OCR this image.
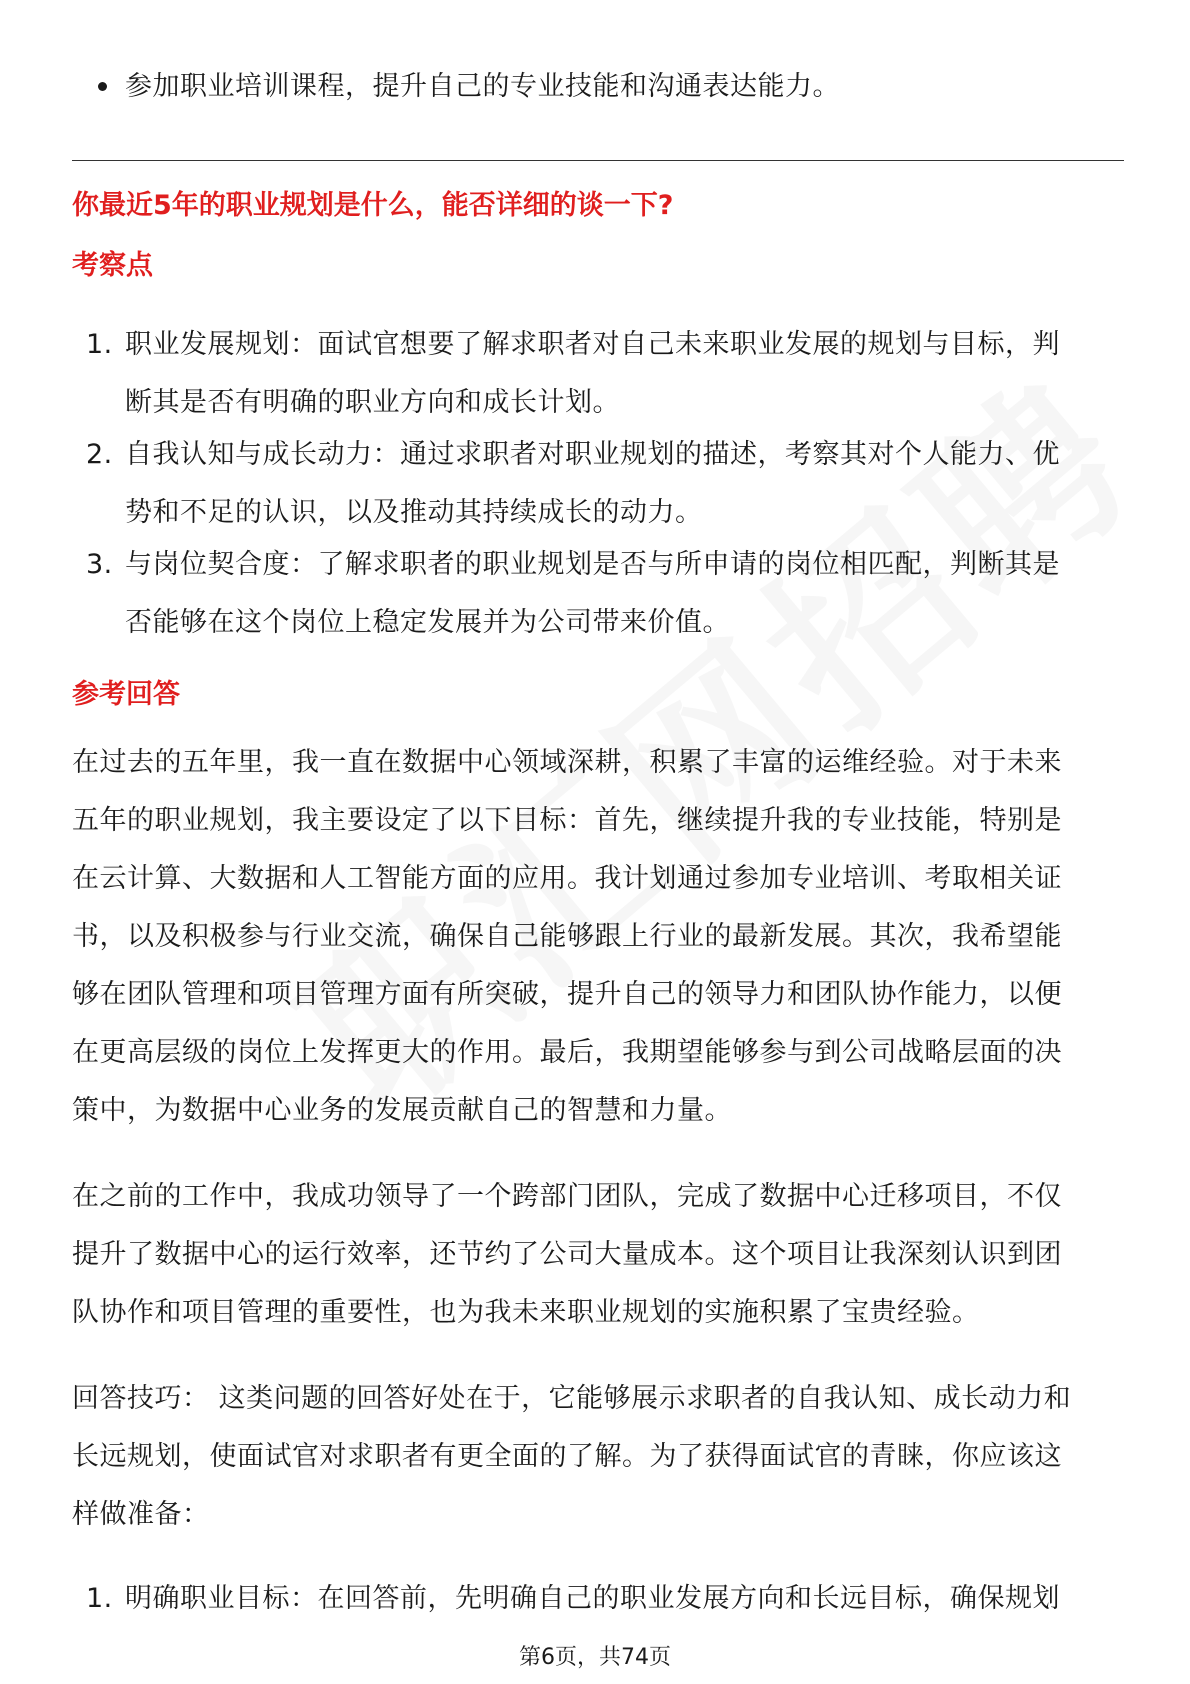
参加职业培训课程，提升自己的专业技能和沟通表达能力。
你最近5年的职业规划是什么，能否详细的谈一下?
考察点
1. 职业发展规划：面试官想要了解求职者对自己未来职业发展的规划与目标，判
断其是否有明确的职业方向和成长计划。
2. 自我认知与成长动力：通过求职者对职业规划的描述，考察其对个人能力、优
势和不足的认识，以及推动其持续成长的动力。
3. 与岗位契合度：了解求职者的职业规划是否与所申请的岗位相匹配，判断其是
否能够在这个岗位上稳定发展并为公司带来价值。
参考回答
在过去的五年里，我一直在数据中心领域深耕，积累了丰富的运维经验。对于未来
五年的职业规划，我主要设定了以下目标：首先，继续提升我的专业技能，特别是
在云计算、大数据和人工智能方面的应用。我计划通过参加专业培训、考取相关证
书，以及积极参与行业交流，确保自己能够跟上行业的最新发展。其次，我希望能
够在团队管理和项目管理方面有所突破，提升自己的领导力和团队协作能力，以便
在更高层级的岗位上发挥更大的作用。最后，我期望能够参与到公司战略层面的决
策中，为数据中心业务的发展贡献自己的智慧和力量。
在之前的工作中，我成功领导了一个跨部门团队，完成了数据中心迁移项目，不仅
提升了数据中心的运行效率，还节约了公司大量成本。这个项目让我深刻认识到团
队协作和项目管理的重要性，也为我未来职业规划的实施积累了宝贵经验。
回答技巧： 这类问题的回答好处在于，它能够展示求职者的自我认知、成长动力和
长远规划，使面试官对求职者有更全面的了解。为了获得面试官的青睐，你应该这
样做准备：
1. 明确职业目标：在回答前，先明确自己的职业发展方向和长远目标，确保规划
第6页，共74页
